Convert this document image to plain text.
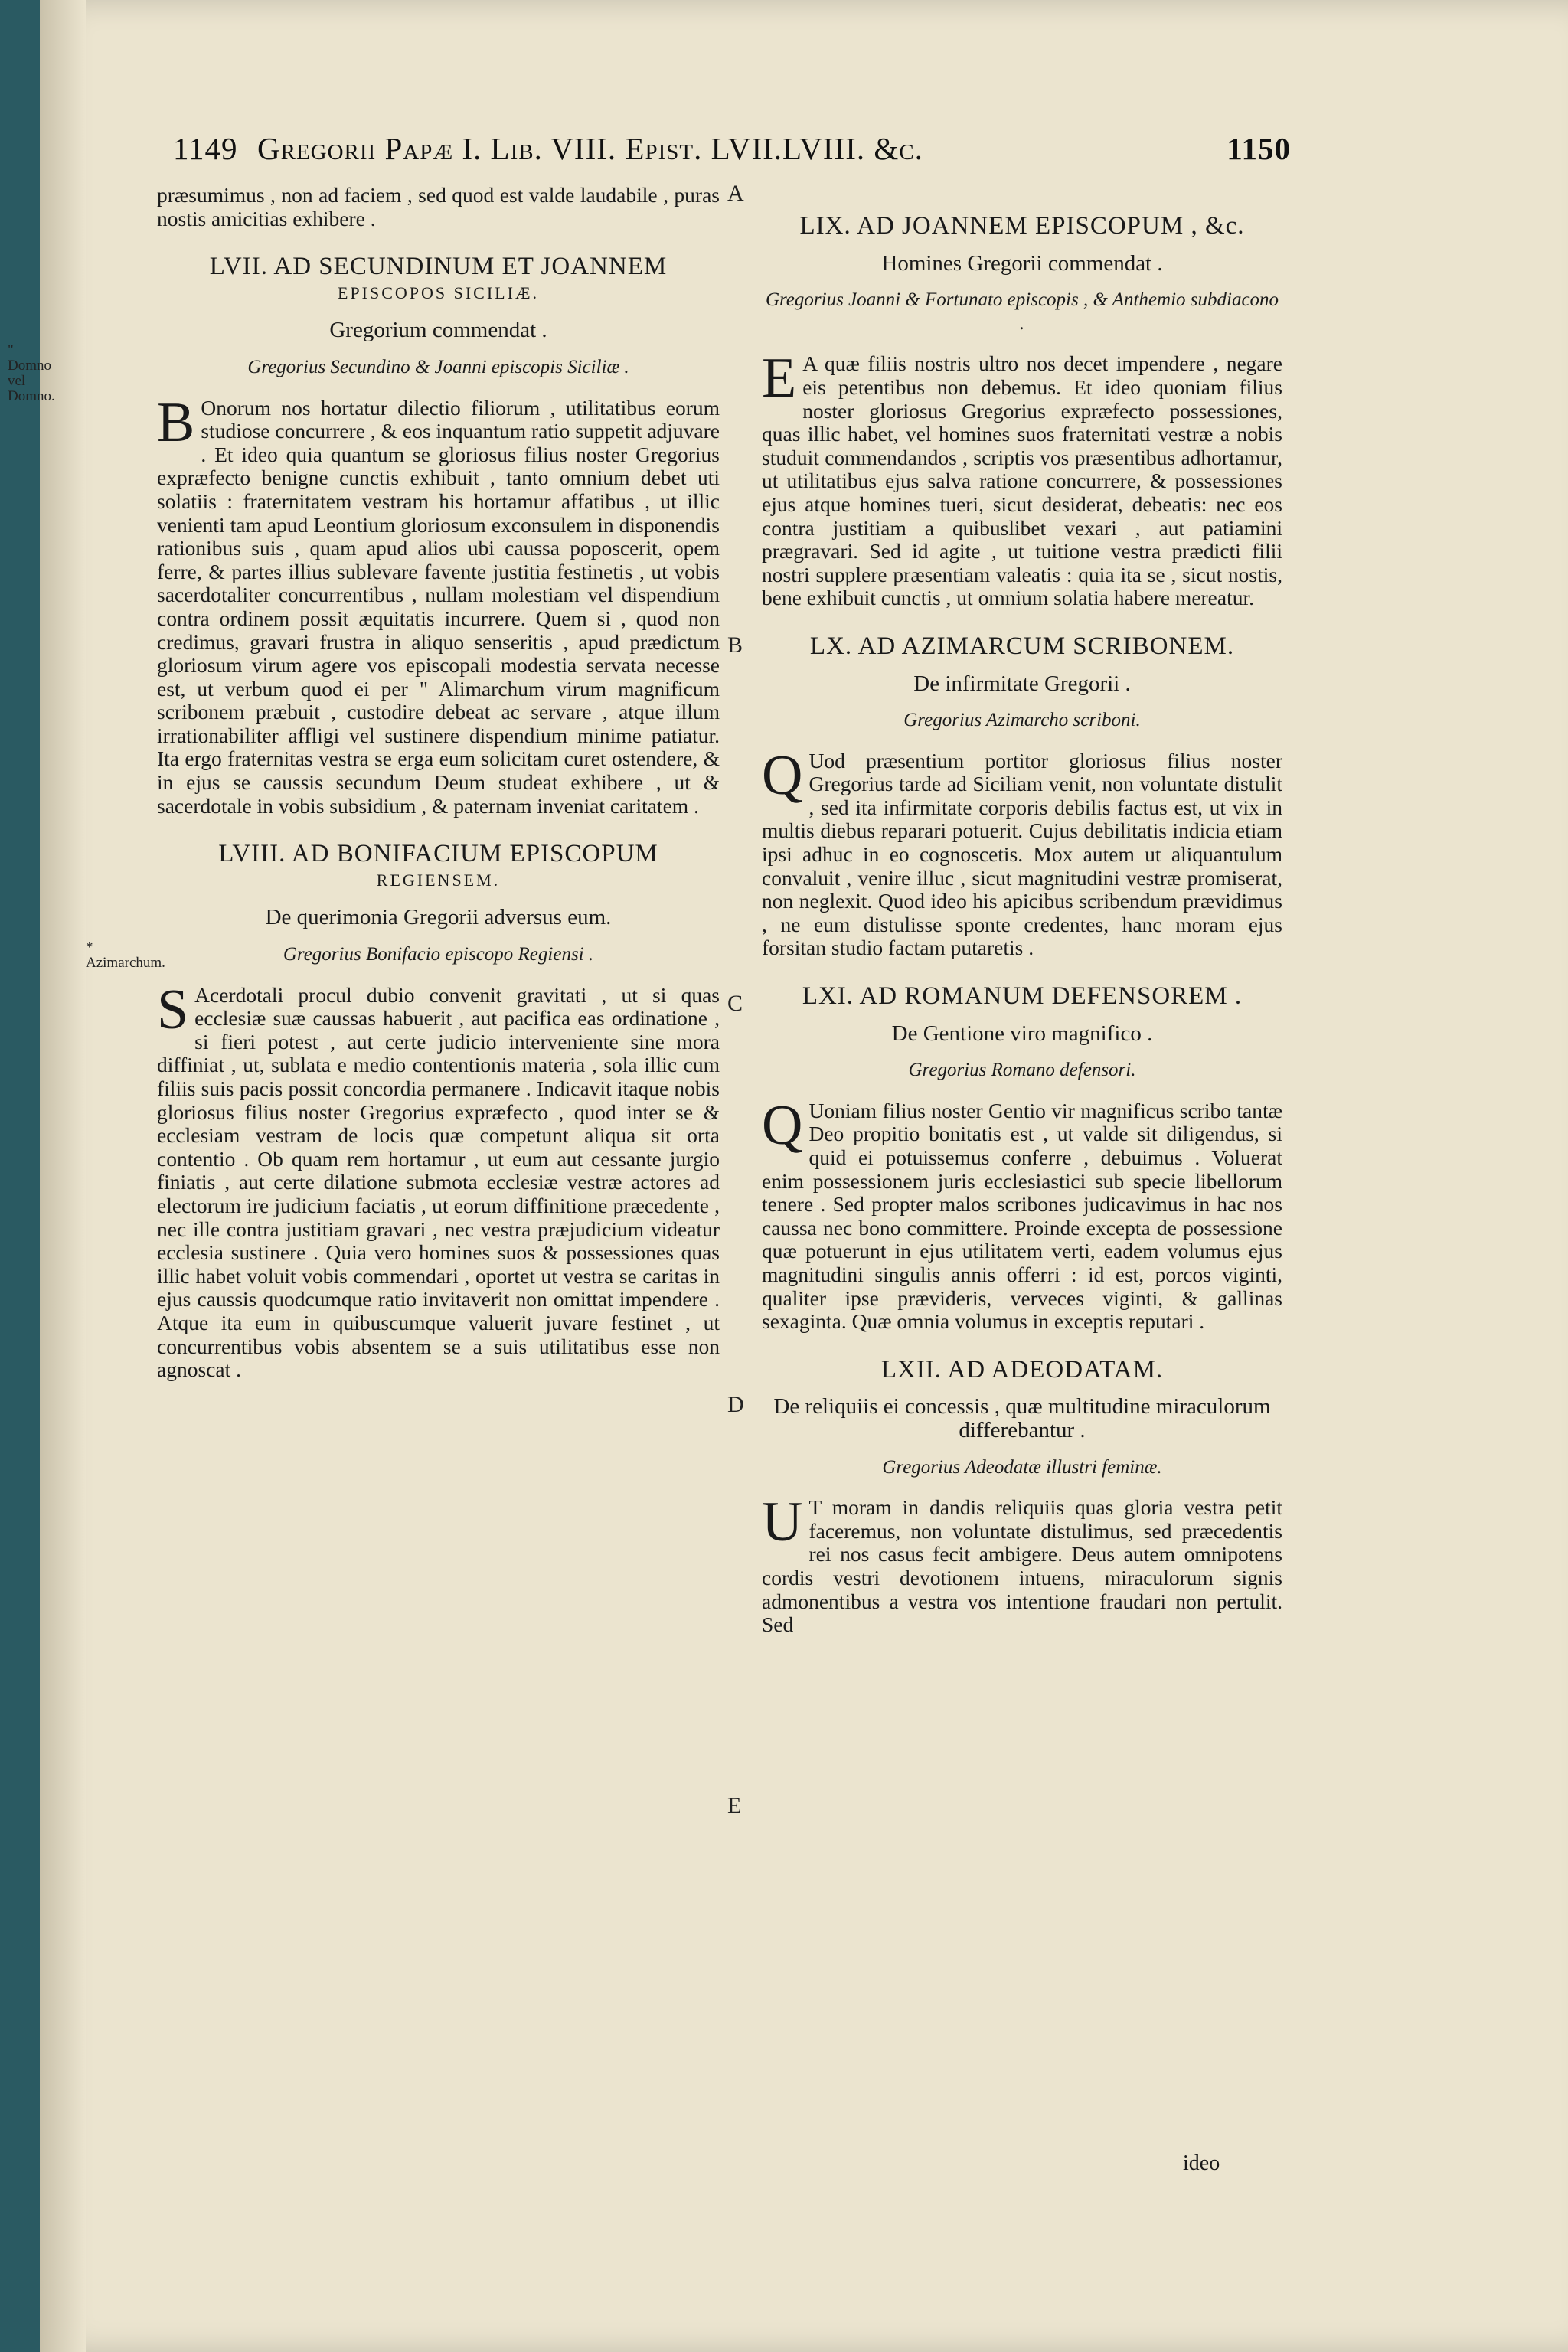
1149 Gregorii Papæ I. Lib. VIII. Epist. LVII.LVIII. &c.	1150
" Domno vel Domno.
* Azimarchum.
A
B
C
D
E

præsumimus , non ad faciem , sed quod est valde laudabile , puras nostis amicitias exhibere .

LVII. AD SECUNDINUM ET JOANNEM
EPISCOPOS SICILIÆ.
Gregorium commendat .
Gregorius Secundino & Joanni episcopis Siciliæ .

B Onorum nos hortatur dilectio filiorum , utilitatibus eorum studiose concurrere , & eos inquantum ratio suppetit adjuvare . Et ideo quia quantum se gloriosus filius noster Gregorius expræfecto benigne cunctis exhibuit , tanto omnium debet uti solatiis : fraternitatem vestram his hortamur affatibus , ut illic venienti tam apud Leontium gloriosum exconsulem in disponendis rationibus suis , quam apud alios ubi caussa poposcerit, opem ferre, & partes illius sublevare favente justitia festinetis , ut vobis sacerdotaliter concurrentibus , nullam molestiam vel dispendium contra ordinem possit æquitatis incurrere. Quem si , quod non credimus, gravari frustra in aliquo senseritis , apud prædictum gloriosum virum agere vos episcopali modestia servata necesse est, ut verbum quod ei per " Alimarchum virum magnificum scribonem præbuit , custodire debeat ac servare , atque illum irrationabiliter affligi vel sustinere dispendium minime patiatur. Ita ergo fraternitas vestra se erga eum solicitam curet ostendere, & in ejus se caussis secundum Deum studeat exhibere , ut & sacerdotale in vobis subsidium , & paternam inveniat caritatem .

LVIII. AD BONIFACIUM EPISCOPUM
REGIENSEM.
De querimonia Gregorii adversus eum.
Gregorius Bonifacio episcopo Regiensi .

S Acerdotali procul dubio convenit gravitati , ut si quas ecclesiæ suæ caussas habuerit , aut pacifica eas ordinatione , si fieri potest , aut certe judicio interveniente sine mora diffiniat , ut, sublata e medio contentionis materia , sola illic cum filiis suis pacis possit concordia permanere . Indicavit itaque nobis gloriosus filius noster Gregorius expræfecto , quod inter se & ecclesiam vestram de locis quæ competunt aliqua sit orta contentio . Ob quam rem hortamur , ut eum aut cessante jurgio finiatis , aut certe dilatione submota ecclesiæ vestræ actores ad electorum ire judicium faciatis , ut eorum diffinitione præcedente , nec ille contra justitiam gravari , nec vestra præjudicium videatur ecclesia sustinere . Quia vero homines suos & possessiones quas illic habet voluit vobis commendari , oportet ut vestra se caritas in ejus caussis quodcumque ratio invitaverit non omittat impendere . Atque ita eum in quibuscumque valuerit juvare festinet , ut concurrentibus vobis absentem se a suis utilitatibus esse non agnoscat .

LIX. AD JOANNEM EPISCOPUM , &c.
Homines Gregorii commendat .
Gregorius Joanni & Fortunato episcopis , & Anthemio subdiacono .

E A quæ filiis nostris ultro nos decet impendere , negare eis petentibus non debemus. Et ideo quoniam filius noster gloriosus Gregorius expræfecto possessiones, quas illic habet, vel homines suos fraternitati vestræ a nobis studuit commendandos , scriptis vos præsentibus adhortamur, ut utilitatibus ejus salva ratione concurrere, & possessiones ejus atque homines tueri, sicut desiderat, debeatis: nec eos contra justitiam a quibuslibet vexari , aut patiamini prægravari. Sed id agite , ut tuitione vestra prædicti filii nostri supplere præsentiam valeatis : quia ita se , sicut nostis, bene exhibuit cunctis , ut omnium solatia habere mereatur.

LX. AD AZIMARCUM SCRIBONEM.
De infirmitate Gregorii .
Gregorius Azimarcho scriboni.

Q Uod præsentium portitor gloriosus filius noster Gregorius tarde ad Siciliam venit, non voluntate distulit , sed ita infirmitate corporis debilis factus est, ut vix in multis diebus reparari potuerit. Cujus debilitatis indicia etiam ipsi adhuc in eo cognoscetis. Mox autem ut aliquantulum convaluit , venire illuc , sicut magnitudini vestræ promiserat, non neglexit. Quod ideo his apicibus scribendum prævidimus , ne eum distulisse sponte credentes, hanc moram ejus forsitan studio factam putaretis .

LXI. AD ROMANUM DEFENSOREM .
De Gentione viro magnifico .
Gregorius Romano defensori.

Q Uoniam filius noster Gentio vir magnificus scribo tantæ Deo propitio bonitatis est , ut valde sit diligendus, si quid ei potuissemus conferre , debuimus . Voluerat enim possessionem juris ecclesiastici sub specie libellorum tenere . Sed propter malos scribones judicavimus in hac nos caussa nec bono committere. Proinde excepta de possessione quæ potuerunt in ejus utilitatem verti, eadem volumus ejus magnitudini singulis annis offerri : id est, porcos viginti, qualiter ipse prævideris, verveces viginti, & gallinas sexaginta. Quæ omnia volumus in exceptis reputari .

LXII. AD ADEODATAM.
De reliquiis ei concessis , quæ multitudine miraculorum differebantur .
Gregorius Adeodatæ illustri feminæ.

U T moram in dandis reliquiis quas gloria vestra petit faceremus, non voluntate distulimus, sed præcedentis rei nos casus fecit ambigere. Deus autem omnipotens cordis vestri devotionem intuens, miraculorum signis admonentibus a vestra vos intentione fraudari non pertulit. Sed

ideo
